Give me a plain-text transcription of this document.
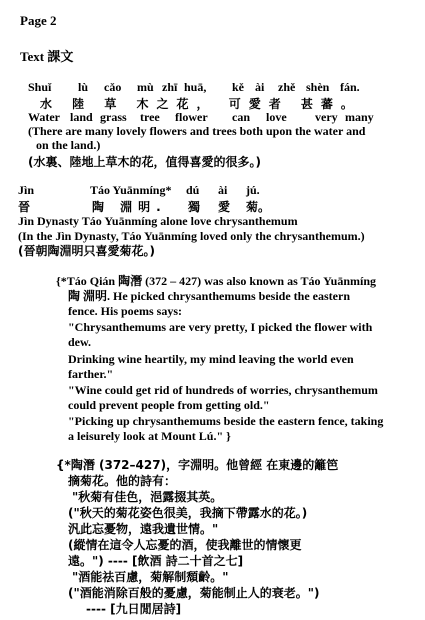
Page 2
Text 課文
Shuǐ lù cǎo mù zhī huā, kě ài zhě shèn fán.
水 陸 草 木之花， 可愛者 甚蕃。
Water land grass tree flower can love very many
(There are many lovely flowers and trees both upon the water and
on the land.)
(水裏、陸地上草木的花，值得喜愛的很多。)
Jìn	Táo Yuānmíng* dú ài jú.
晉	陶 淵明. 獨 愛 菊。
Jìn Dynasty Táo Yuānmíng alone love chrysanthemum
(In the Jìn Dynasty, Táo Yuānmíng loved only the chrysanthemum.)
(晉朝陶淵明只喜愛菊花。)
{*Táo Qián 陶潛 (372 – 427) was also known as Táo Yuānmíng
陶 淵明. He picked chrysanthemums beside the eastern
fence. His poems says:
"Chrysanthemums are very pretty, I picked the flower with
dew.
Drinking wine heartily, my mind leaving the world even
farther."
"Wine could get rid of hundreds of worries, chrysanthemum
could prevent people from getting old."
"Picking up chrysanthemums beside the eastern fence, taking
a leisurely look at Mount Lú." }
{*陶潛 (372–427)，字淵明。他曾經 在東邊的籬笆
摘菊花。他的詩有：
"秋菊有佳色，浥露掇其英。
("秋天的菊花姿色很美，我摘下帶露水的花。)
汎此忘憂物，遠我遺世情。"
(縱情在這令人忘憂的酒，使我離世的情懷更
遠。") ---- [飲酒 詩二十首之七]
"酒能祛百慮，菊解制頹齡。"
("酒能消除百般的憂慮，菊能制止人的衰老。")
---- [九日閒居詩]
